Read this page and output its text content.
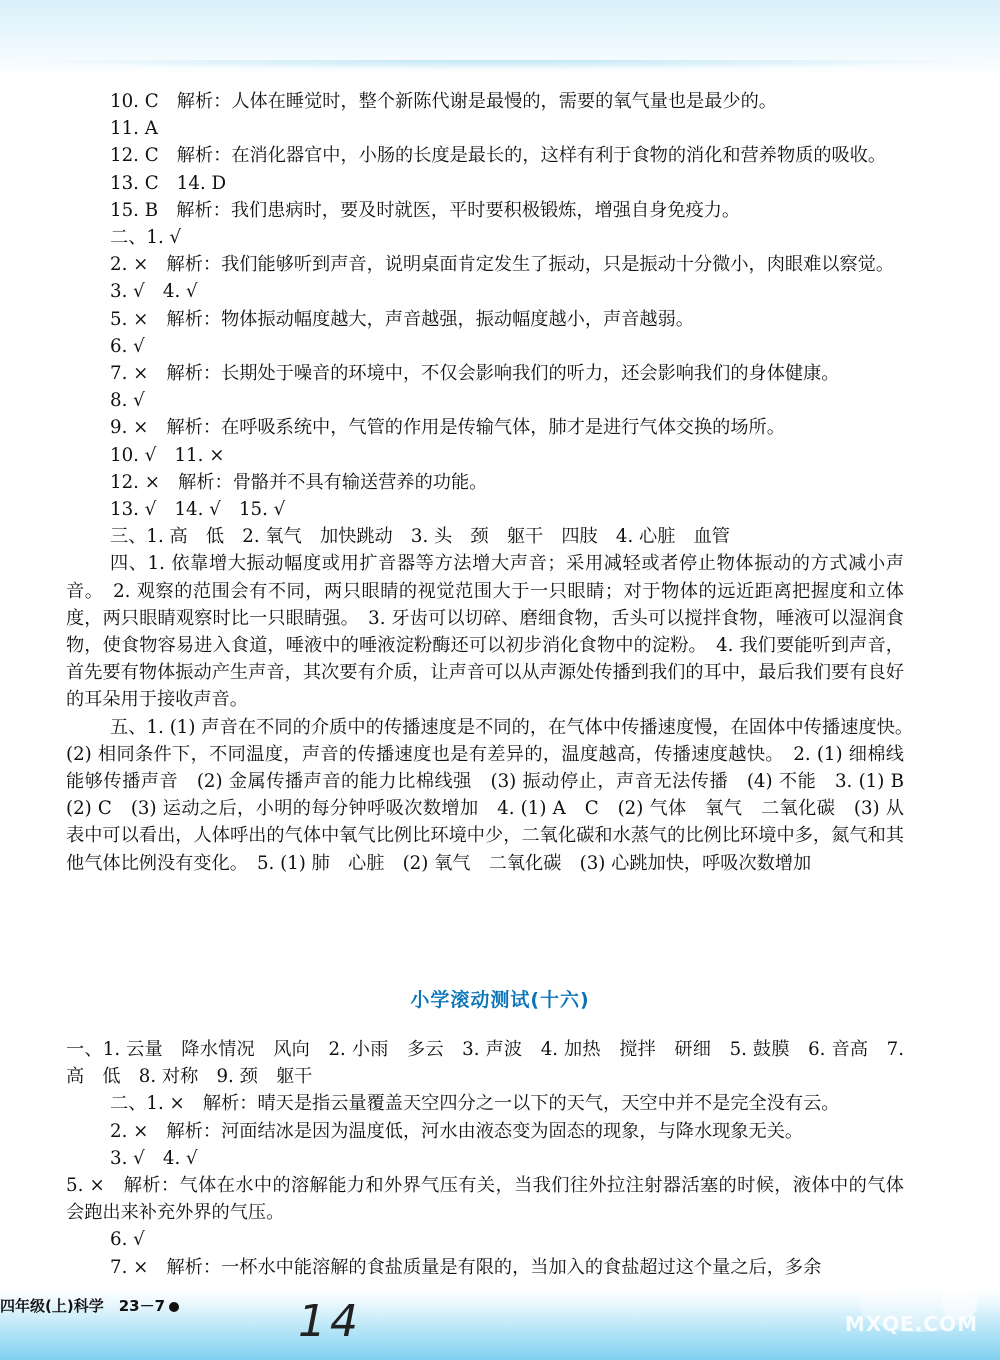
10. C　解析：人体在睡觉时，整个新陈代谢是最慢的，需要的氧气量也是最少的。

11. A

12. C　解析：在消化器官中，小肠的长度是最长的，这样有利于食物的消化和营养物质的吸收。

13. C　14. D

15. B　解析：我们患病时，要及时就医，平时要积极锻炼，增强自身免疫力。

二、1. √

2. ×　解析：我们能够听到声音，说明桌面肯定发生了振动，只是振动十分微小，肉眼难以察觉。

3. √　4. √

5. ×　解析：物体振动幅度越大，声音越强，振动幅度越小，声音越弱。

6. √

7. ×　解析：长期处于噪音的环境中，不仅会影响我们的听力，还会影响我们的身体健康。

8. √

9. ×　解析：在呼吸系统中，气管的作用是传输气体，肺才是进行气体交换的场所。

10. √　11. ×

12. ×　解析：骨骼并不具有输送营养的功能。

13. √　14. √　15. √

三、1. 高　低　2. 氧气　加快跳动　3. 头　颈　躯干　四肢　4. 心脏　血管

四、1. 依靠增大振动幅度或用扩音器等方法增大声音；采用减轻或者停止物体振动的方式减小声音。　2. 观察的范围会有不同，两只眼睛的视觉范围大于一只眼睛；对于物体的远近距离把握度和立体度，两只眼睛观察时比一只眼睛强。　3. 牙齿可以切碎、磨细食物，舌头可以搅拌食物，唾液可以湿润食物，使食物容易进入食道，唾液中的唾液淀粉酶还可以初步消化食物中的淀粉。　4. 我们要能听到声音，首先要有物体振动产生声音，其次要有介质，让声音可以从声源处传播到我们的耳中，最后我们要有良好的耳朵用于接收声音。

五、1. (1) 声音在不同的介质中的传播速度是不同的，在气体中传播速度慢，在固体中传播速度快。　(2) 相同条件下，不同温度，声音的传播速度也是有差异的，温度越高，传播速度越快。　2. (1) 细棉线能够传播声音　(2) 金属传播声音的能力比棉线强　(3) 振动停止，声音无法传播　(4) 不能　3. (1) B　(2) C　(3) 运动之后，小明的每分钟呼吸次数增加　4. (1) A　C　(2) 气体　氧气　二氧化碳　(3) 从表中可以看出，人体呼出的气体中氧气比例比环境中少，二氧化碳和水蒸气的比例比环境中多，氮气和其他气体比例没有变化。　5. (1) 肺　心脏　(2) 氧气　二氧化碳　(3) 心跳加快，呼吸次数增加

小学滚动测试(十六)

一、1. 云量　降水情况　风向　2. 小雨　多云　3. 声波　4. 加热　搅拌　研细　5. 鼓膜　6. 音高　7. 高　低　8. 对称　9. 颈　躯干

二、1. ×　解析：晴天是指云量覆盖天空四分之一以下的天气，天空中并不是完全没有云。

2. ×　解析：河面结冰是因为温度低，河水由液态变为固态的现象，与降水现象无关。

3. √　4. √

5. ×　解析：气体在水中的溶解能力和外界气压有关，当我们往外拉注射器活塞的时候，液体中的气体会跑出来补充外界的气压。

6. √

7. ×　解析：一杯水中能溶解的食盐质量是有限的，当加入的食盐超过这个量之后，多余

四年级(上)科学　23－7	14	MXQE.COM
